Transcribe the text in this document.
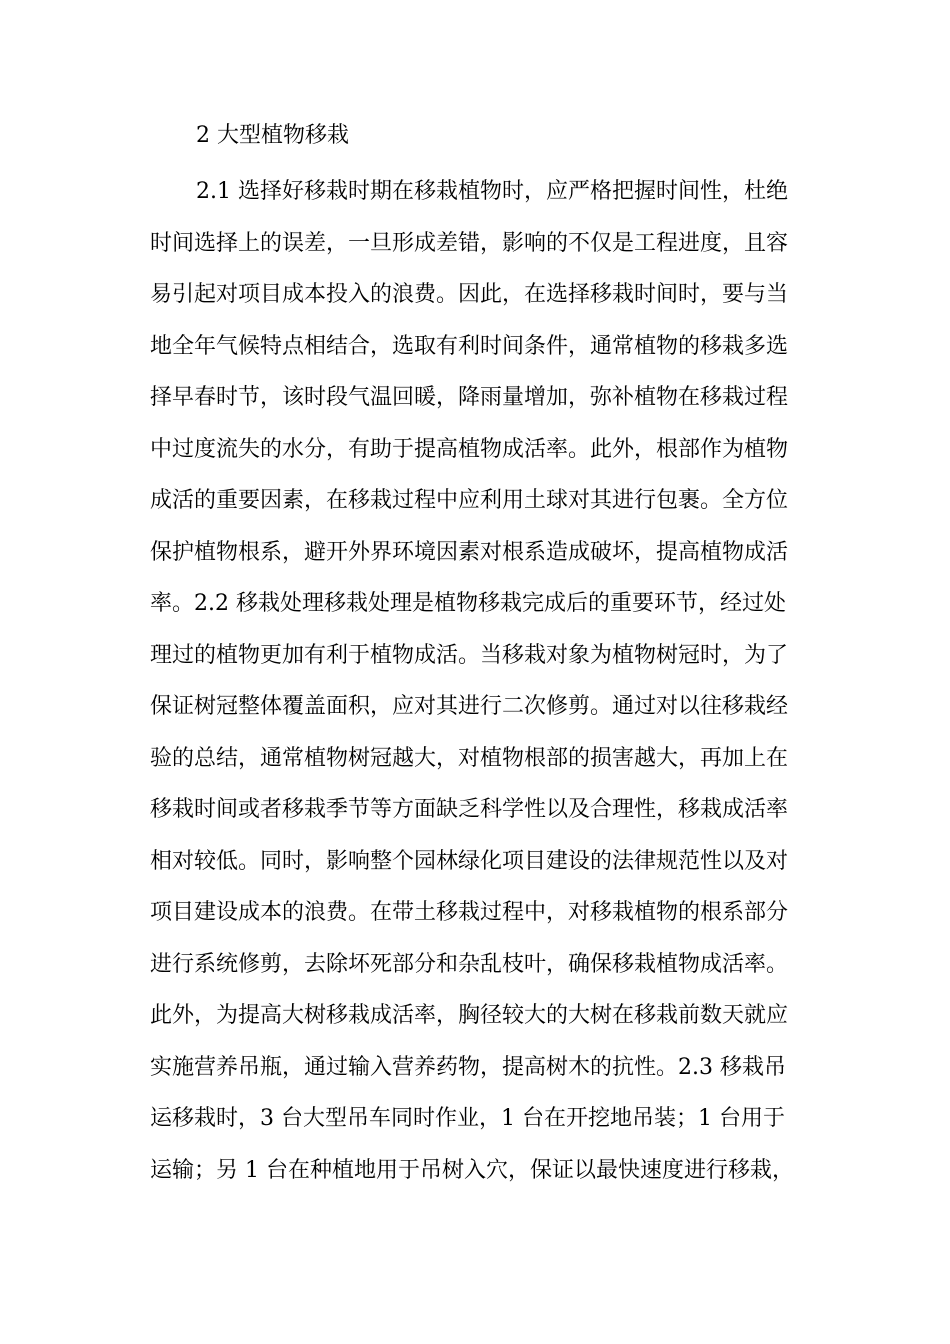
2 大型植物移栽
2.1 选择好移栽时期在移栽植物时，应严格把握时间性，杜绝
时间选择上的误差，一旦形成差错，影响的不仅是工程进度，且容
易引起对项目成本投入的浪费。因此，在选择移栽时间时，要与当
地全年气候特点相结合，选取有利时间条件，通常植物的移栽多选
择早春时节，该时段气温回暖，降雨量增加，弥补植物在移栽过程
中过度流失的水分，有助于提高植物成活率。此外，根部作为植物
成活的重要因素，在移栽过程中应利用土球对其进行包裹。全方位
保护植物根系，避开外界环境因素对根系造成破坏，提高植物成活
率。2.2 移栽处理移栽处理是植物移栽完成后的重要环节，经过处
理过的植物更加有利于植物成活。当移栽对象为植物树冠时，为了
保证树冠整体覆盖面积，应对其进行二次修剪。通过对以往移栽经
验的总结，通常植物树冠越大，对植物根部的损害越大，再加上在
移栽时间或者移栽季节等方面缺乏科学性以及合理性，移栽成活率
相对较低。同时，影响整个园林绿化项目建设的法律规范性以及对
项目建设成本的浪费。在带土移栽过程中，对移栽植物的根系部分
进行系统修剪，去除坏死部分和杂乱枝叶，确保移栽植物成活率。
此外，为提高大树移栽成活率，胸径较大的大树在移栽前数天就应
实施营养吊瓶，通过输入营养药物，提高树木的抗性。2.3 移栽吊
运移栽时，3 台大型吊车同时作业，1 台在开挖地吊装；1 台用于
运输；另 1 台在种植地用于吊树入穴，保证以最快速度进行移栽，
